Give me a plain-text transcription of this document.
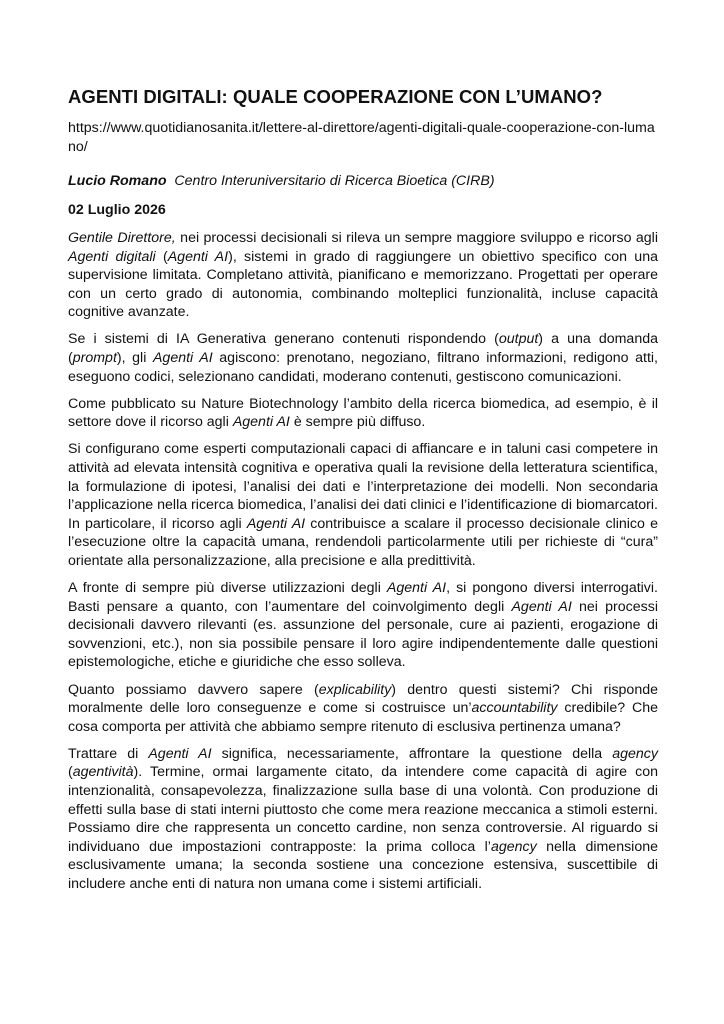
AGENTI DIGITALI: QUALE COOPERAZIONE CON L’UMANO?
https://www.quotidianosanita.it/lettere-al-direttore/agenti-digitali-quale-cooperazione-con-lumano/
Lucio Romano Centro Interuniversitario di Ricerca Bioetica (CIRB)
02 Luglio 2026

Gentile Direttore, nei processi decisionali si rileva un sempre maggiore sviluppo e ricorso agli Agenti digitali (Agenti AI), sistemi in grado di raggiungere un obiettivo specifico con una supervisione limitata. Completano attività, pianificano e memorizzano. Progettati per operare con un certo grado di autonomia, combinando molteplici funzionalità, incluse capacità cognitive avanzate.

Se i sistemi di IA Generativa generano contenuti rispondendo (output) a una domanda (prompt), gli Agenti AI agiscono: prenotano, negoziano, filtrano informazioni, redigono atti, eseguono codici, selezionano candidati, moderano contenuti, gestiscono comunicazioni.

Come pubblicato su Nature Biotechnology l’ambito della ricerca biomedica, ad esempio, è il settore dove il ricorso agli Agenti AI è sempre più diffuso.

Si configurano come esperti computazionali capaci di affiancare e in taluni casi competere in attività ad elevata intensità cognitiva e operativa quali la revisione della letteratura scientifica, la formulazione di ipotesi, l’analisi dei dati e l’interpretazione dei modelli. Non secondaria l’applicazione nella ricerca biomedica, l’analisi dei dati clinici e l’identificazione di biomarcatori. In particolare, il ricorso agli Agenti AI contribuisce a scalare il processo decisionale clinico e l’esecuzione oltre la capacità umana, rendendoli particolarmente utili per richieste di “cura” orientate alla personalizzazione, alla precisione e alla predittività.

A fronte di sempre più diverse utilizzazioni degli Agenti AI, si pongono diversi interrogativi. Basti pensare a quanto, con l’aumentare del coinvolgimento degli Agenti AI nei processi decisionali davvero rilevanti (es. assunzione del personale, cure ai pazienti, erogazione di sovvenzioni, etc.), non sia possibile pensare il loro agire indipendentemente dalle questioni epistemologiche, etiche e giuridiche che esso solleva.

Quanto possiamo davvero sapere (explicability) dentro questi sistemi? Chi risponde moralmente delle loro conseguenze e come si costruisce un’accountability credibile? Che cosa comporta per attività che abbiamo sempre ritenuto di esclusiva pertinenza umana?

Trattare di Agenti AI significa, necessariamente, affrontare la questione della agency (agentività). Termine, ormai largamente citato, da intendere come capacità di agire con intenzionalità, consapevolezza, finalizzazione sulla base di una volontà. Con produzione di effetti sulla base di stati interni piuttosto che come mera reazione meccanica a stimoli esterni. Possiamo dire che rappresenta un concetto cardine, non senza controversie. Al riguardo si individuano due impostazioni contrapposte: la prima colloca l’agency nella dimensione esclusivamente umana; la seconda sostiene una concezione estensiva, suscettibile di includere anche enti di natura non umana come i sistemi artificiali.
